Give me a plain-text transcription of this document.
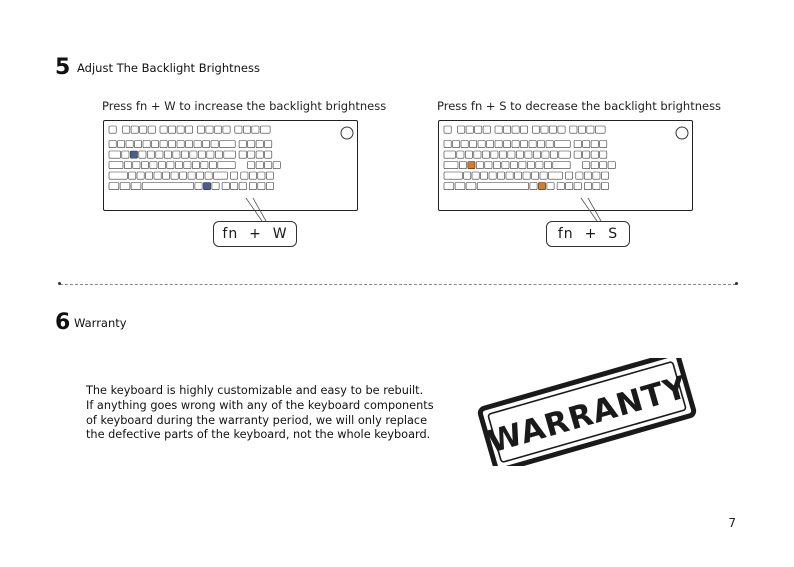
5 Adjust The Backlight Brightness
Press fn + W to increase the backlight brightness
fn  +  W
Press fn + S to decrease the backlight brightness
fn  +  S
6 Warranty
The keyboard is highly customizable and easy to be rebuilt.
If anything goes wrong with any of the keyboard components
of keyboard during the warranty period, we will only replace
the defective parts of the keyboard, not the whole keyboard. WARRANTY
7
